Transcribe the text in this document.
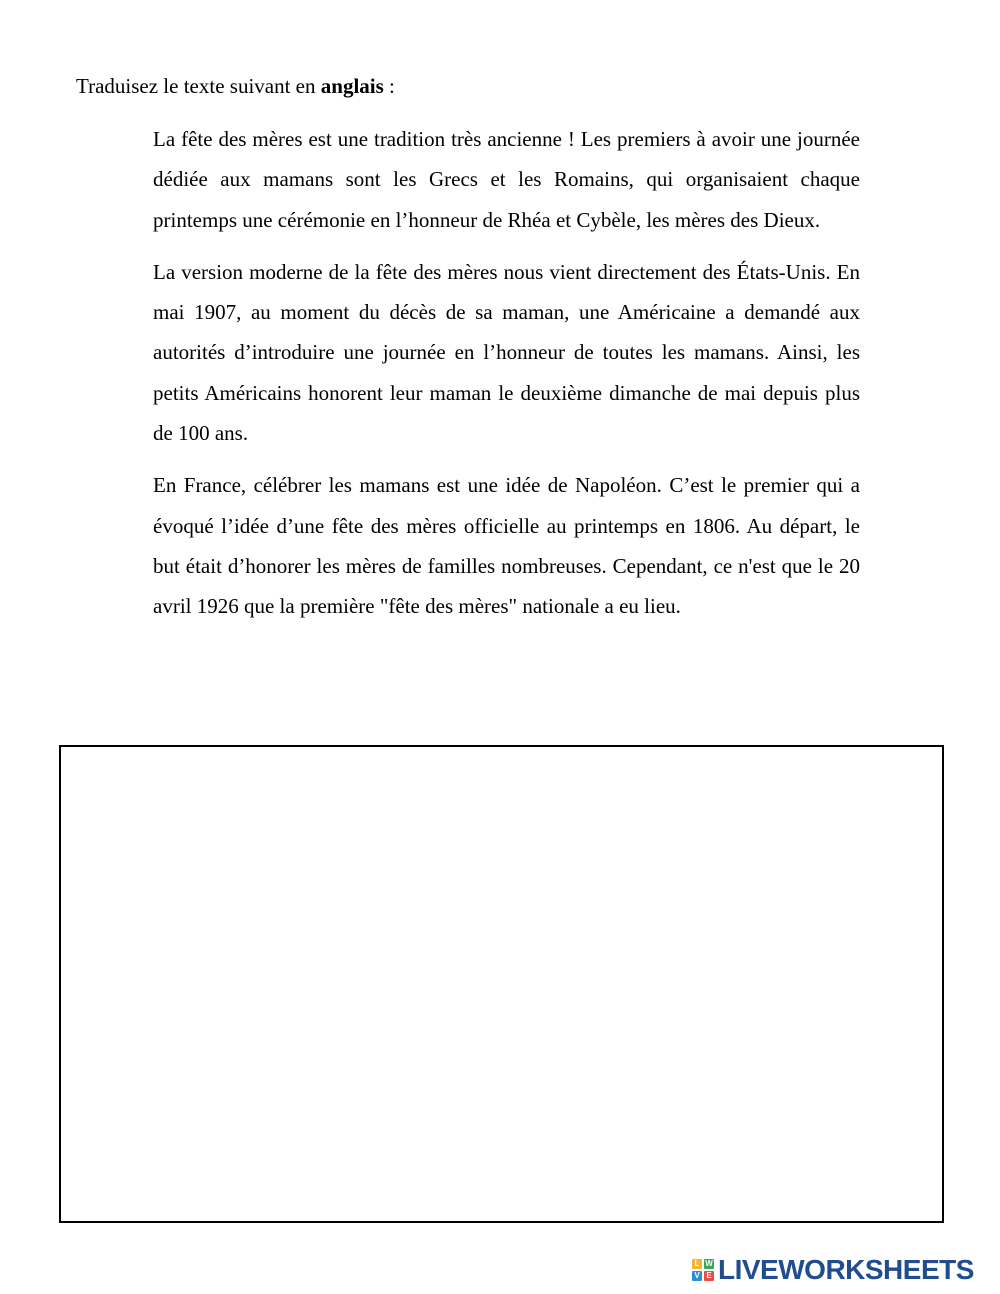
Traduisez le texte suivant en anglais :

La fête des mères est une tradition très ancienne ! Les premiers à avoir une journée dédiée aux mamans sont les Grecs et les Romains, qui organisaient chaque printemps une cérémonie en l’honneur de Rhéa et Cybèle, les mères des Dieux.

La version moderne de la fête des mères nous vient directement des États-Unis. En mai 1907, au moment du décès de sa maman, une Américaine a demandé aux autorités d’introduire une journée en l’honneur de toutes les mamans. Ainsi, les petits Américains honorent leur maman le deuxième dimanche de mai depuis plus de 100 ans.

En France, célébrer les mamans est une idée de Napoléon. C’est le premier qui a évoqué l’idée d’une fête des mères officielle au printemps en 1806. Au départ, le but était d’honorer les mères de familles nombreuses. Cependant, ce n'est que le 20 avril 1926 que la première "fête des mères" nationale a eu lieu.

L W
V E LIVEWORKSHEETS
